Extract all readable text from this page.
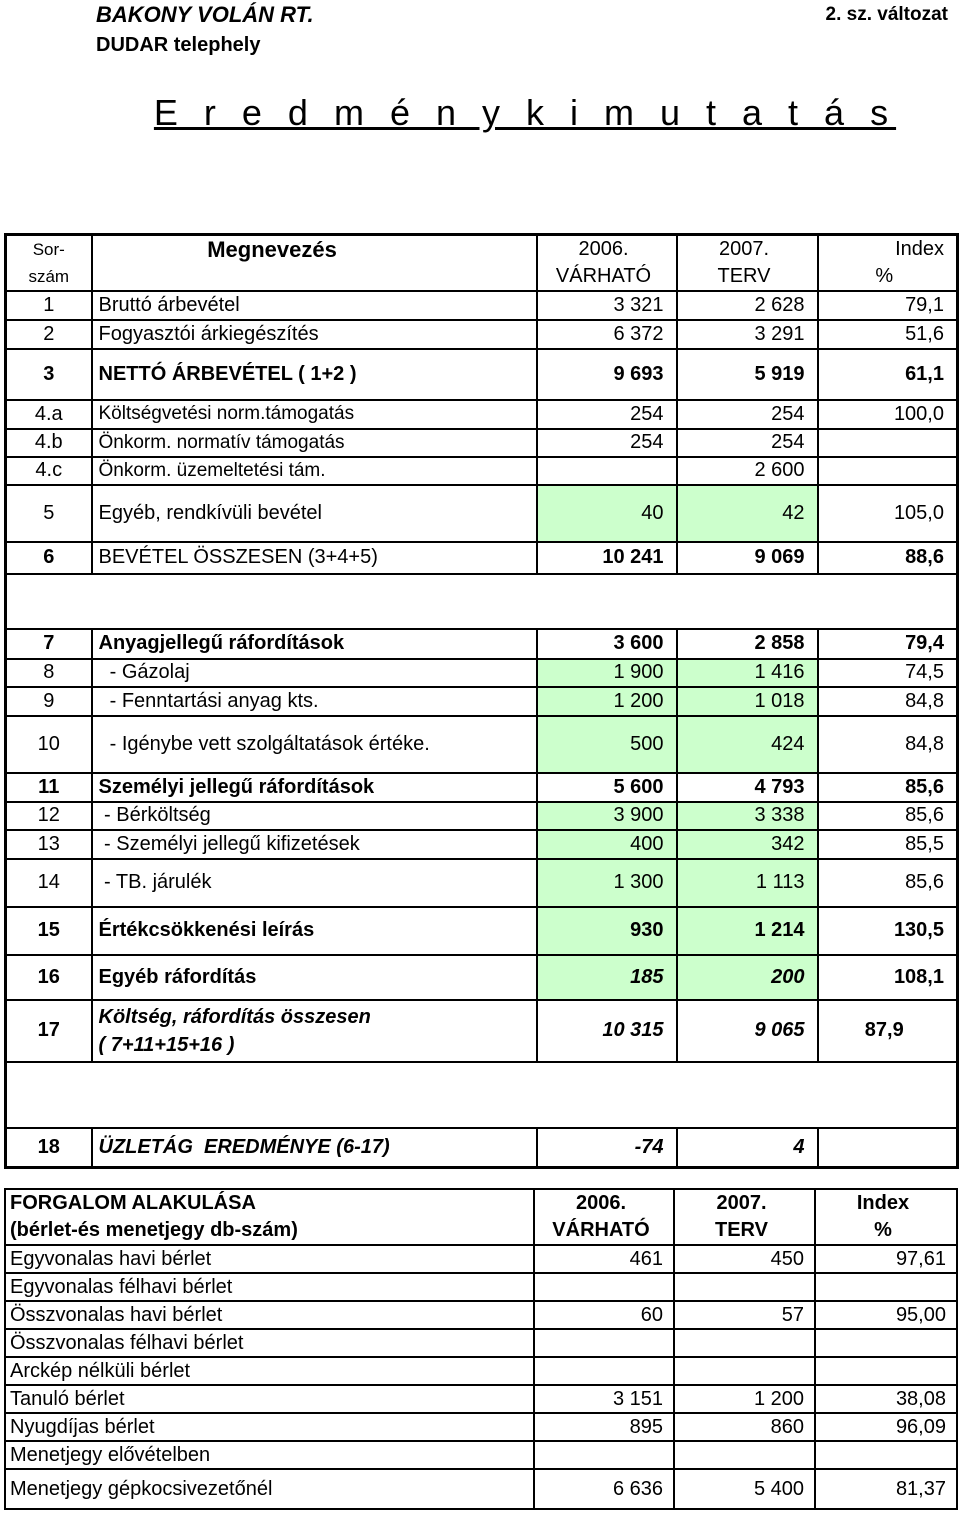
BAKONY VOLÁN RT.
DUDAR telephely
2. sz. változat
E r e d m é n y k i m u t a t á s
Sor-	Megnevezés	2006.	2007.	Index
szám		VÁRHATÓ	TERV	%
1	Bruttó árbevétel	3 321	2 628	79,1
2	Fogyasztói árkiegészítés	6 372	3 291	51,6
3	NETTÓ ÁRBEVÉTEL ( 1+2 )	9 693	5 919	61,1
4.a	Költségvetési norm.támogatás	254	254	100,0
4.b	Önkorm. normatív támogatás	254	254	
4.c	Önkorm. üzemeltetési tám.		2 600	
5	Egyéb, rendkívüli bevétel	40	42	105,0
6	BEVÉTEL ÖSSZESEN (3+4+5)	10 241	9 069	88,6

7	Anyagjellegű ráfordítások	3 600	2 858	79,4
8	- Gázolaj	1 900	1 416	74,5
9	- Fenntartási anyag kts.	1 200	1 018	84,8
10	- Igénybe vett szolgáltatások értéke.	500	424	84,8
11	Személyi jellegű ráfordítások	5 600	4 793	85,6
12	- Bérköltség	3 900	3 338	85,6
13	- Személyi jellegű kifizetések	400	342	85,5
14	- TB. járulék	1 300	1 113	85,6
15	Értékcsökkenési leírás	930	1 214	130,5
16	Egyéb ráfordítás	185	200	108,1
17	Költség, ráfordítás összesen
( 7+11+15+16 )	10 315	9 065	87,9

18	ÜZLETÁG  EREDMÉNYE (6-17)	-74	4	
FORGALOM ALAKULÁSA	2006.	2007.	Index
(bérlet-és menetjegy db-szám)	VÁRHATÓ	TERV	%
Egyvonalas havi bérlet	461	450	97,61
Egyvonalas félhavi bérlet			
Összvonalas havi bérlet	60	57	95,00
Összvonalas félhavi bérlet			
Arckép nélküli bérlet			
Tanuló bérlet	3 151	1 200	38,08
Nyugdíjas bérlet	895	860	96,09
Menetjegy elővételben			
Menetjegy gépkocsivezetőnél	6 636	5 400	81,37
